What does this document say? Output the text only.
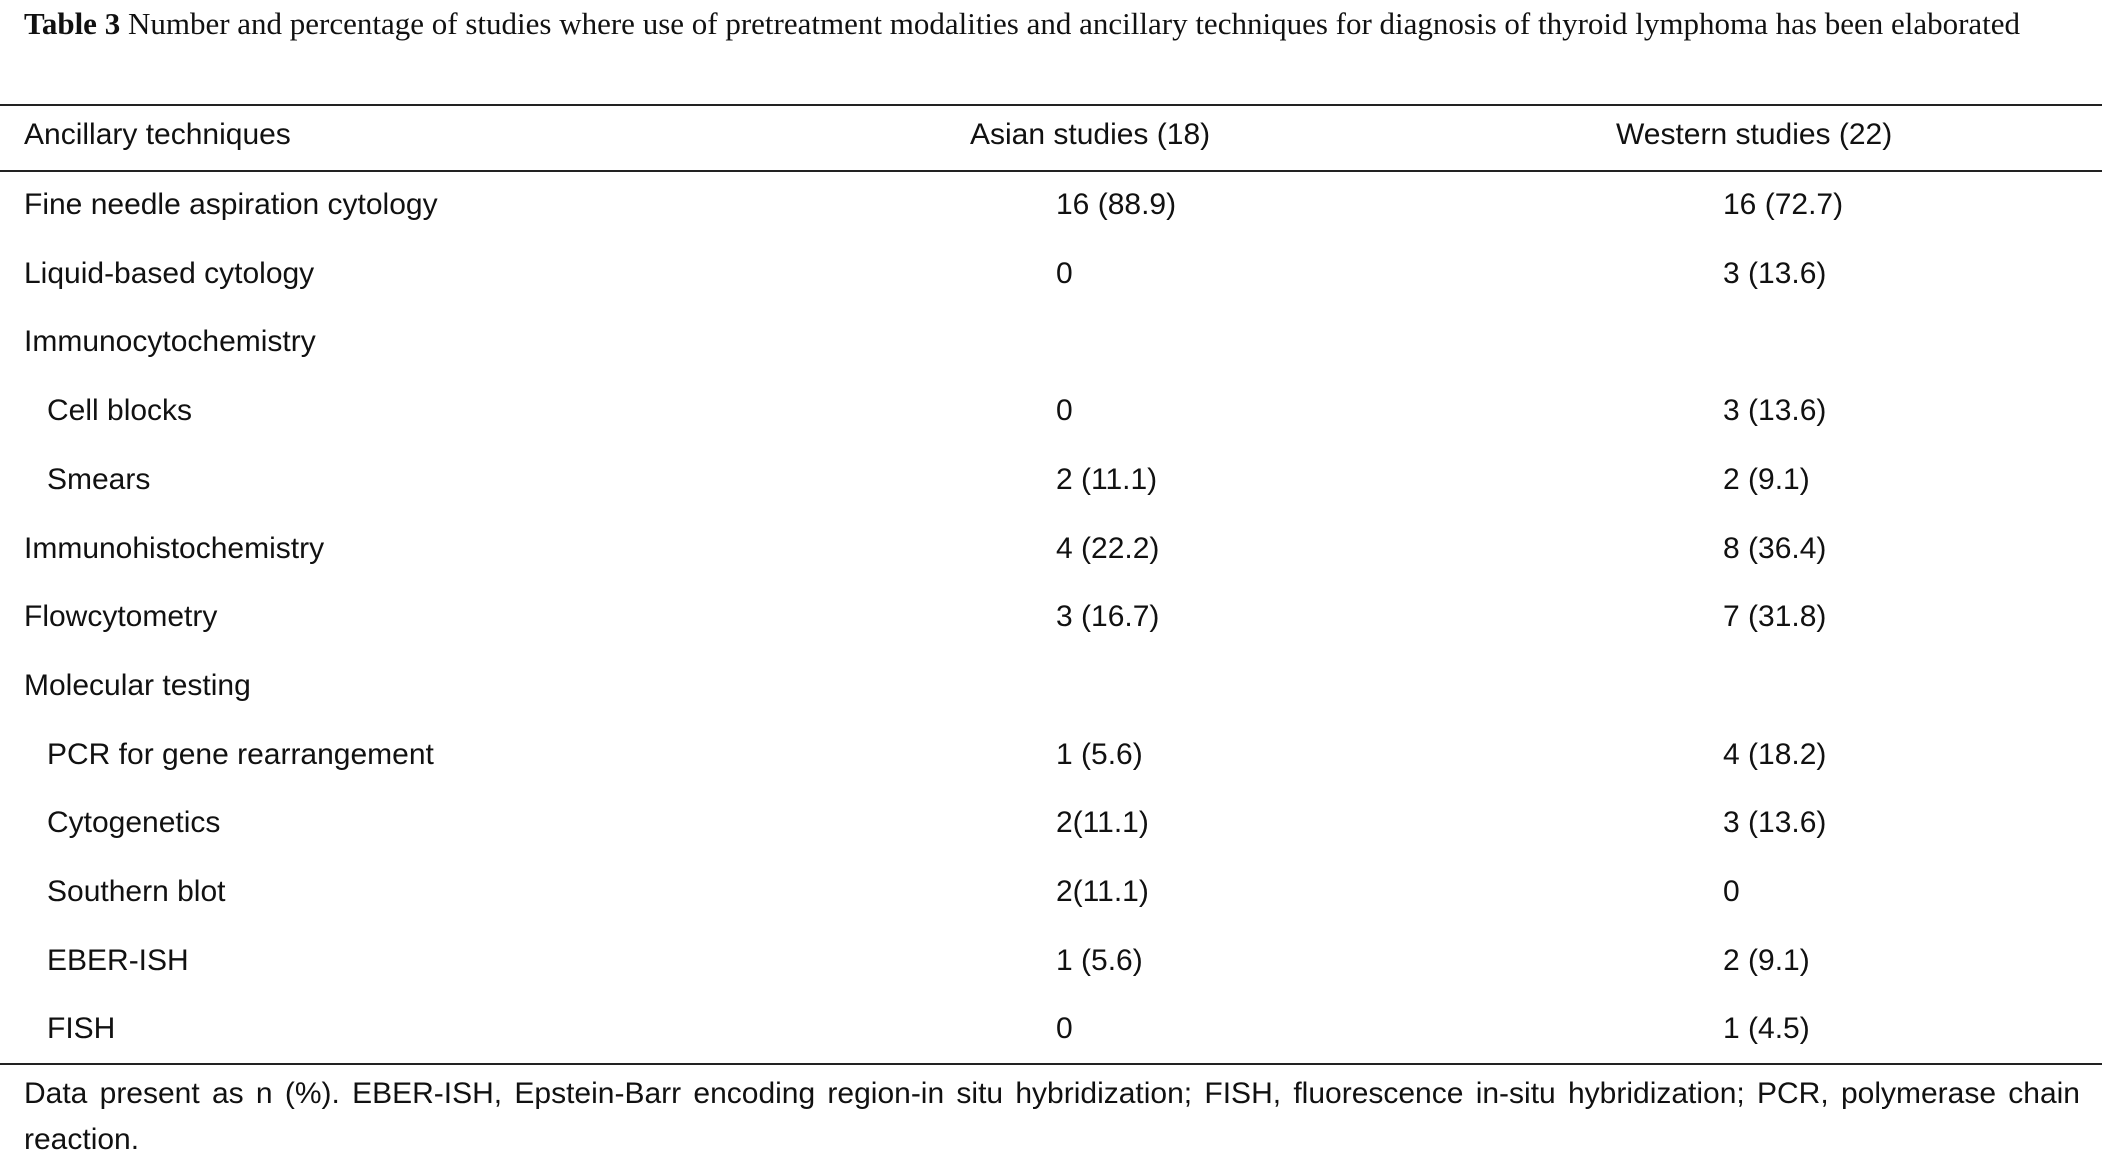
Table 3 Number and percentage of studies where use of pretreatment modalities and ancillary techniques for diagnosis of thyroid lymphoma has been elaborated
Ancillary techniques	Asian studies (18)	Western studies (22)
Fine needle aspiration cytology	16 (88.9)	16 (72.7)
Liquid-based cytology	0	3 (13.6)
Immunocytochemistry
Cell blocks	0	3 (13.6)
Smears	2 (11.1)	2 (9.1)
Immunohistochemistry	4 (22.2)	8 (36.4)
Flowcytometry	3 (16.7)	7 (31.8)
Molecular testing
PCR for gene rearrangement	1 (5.6)	4 (18.2)
Cytogenetics	2(11.1)	3 (13.6)
Southern blot	2(11.1)	0
EBER-ISH	1 (5.6)	2 (9.1)
FISH	0	1 (4.5)
Data present as n (%). EBER-ISH, Epstein-Barr encoding region-in situ hybridization; FISH, fluorescence in-situ hybridization; PCR, polymerase chain reaction.
